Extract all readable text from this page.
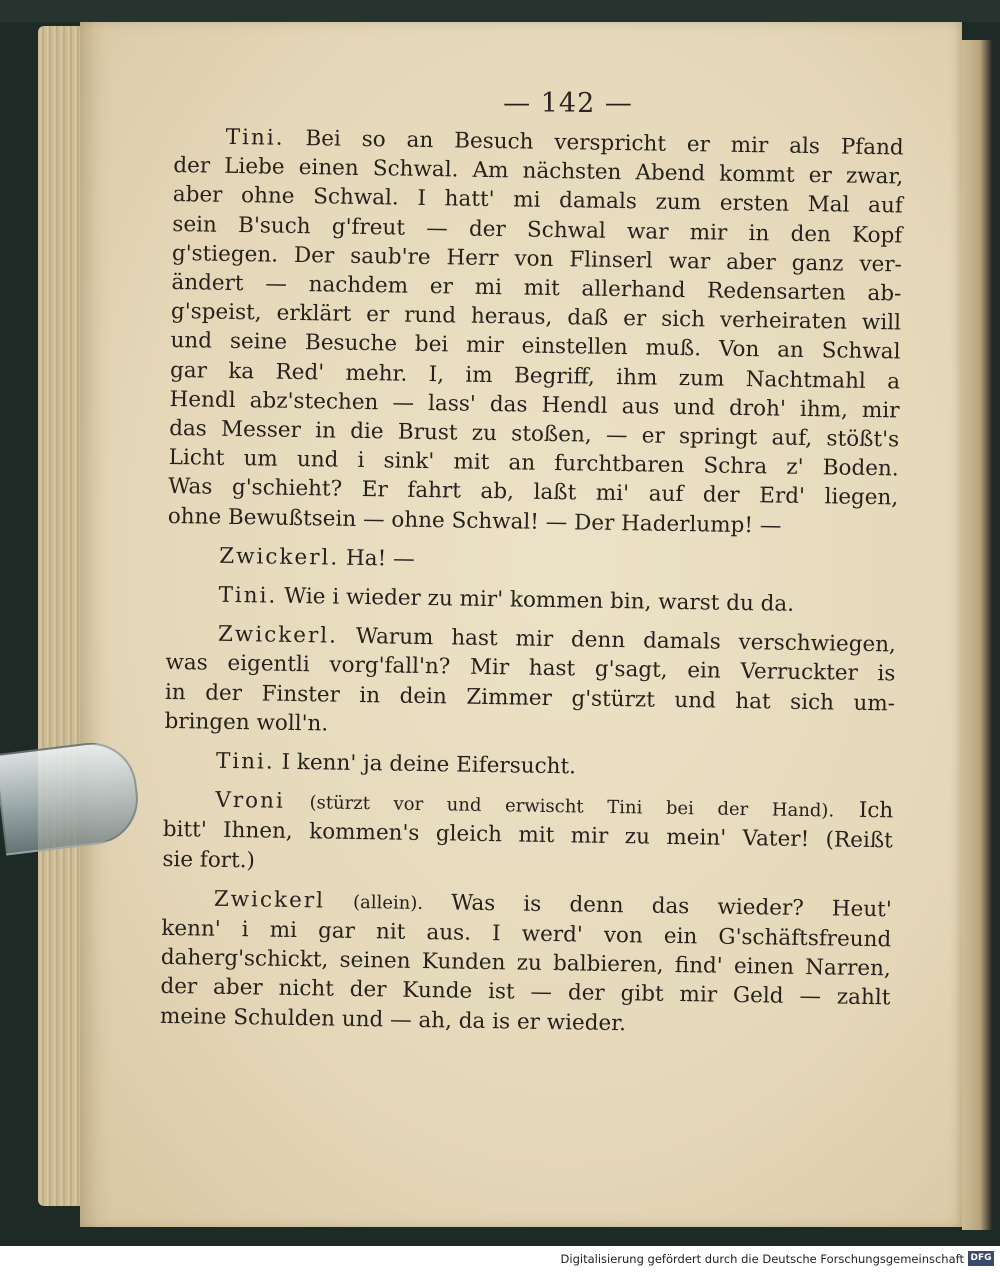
— 142 —
Tini. Bei so an Besuch verspricht er mir als Pfand
der Liebe einen Schwal. Am nächsten Abend kommt er zwar,
aber ohne Schwal. I hatt' mi damals zum ersten Mal auf
sein B'such g'freut — der Schwal war mir in den Kopf
g'stiegen. Der saub're Herr von Flinserl war aber ganz ver-
ändert — nachdem er mi mit allerhand Redensarten ab-
g'speist, erklärt er rund heraus, daß er sich verheiraten will
und seine Besuche bei mir einstellen muß. Von an Schwal
gar ka Red' mehr. I, im Begriff, ihm zum Nachtmahl a
Hendl abz'stechen — lass' das Hendl aus und droh' ihm, mir
das Messer in die Brust zu stoßen, — er springt auf, stößt's
Licht um und i sink' mit an furchtbaren Schra z' Boden.
Was g'schieht? Er fahrt ab, laßt mi' auf der Erd' liegen,
ohne Bewußtsein — ohne Schwal! — Der Haderlump! —
Zwickerl. Ha! —
Tini. Wie i wieder zu mir' kommen bin, warst du da.
Zwickerl. Warum hast mir denn damals verschwiegen,
was eigentli vorg'fall'n? Mir hast g'sagt, ein Verruckter is
in der Finster in dein Zimmer g'stürzt und hat sich um-
bringen woll'n.
Tini. I kenn' ja deine Eifersucht.
Vroni (stürzt vor und erwischt Tini bei der Hand). Ich
bitt' Ihnen, kommen's gleich mit mir zu mein' Vater! (Reißt
sie fort.)
Zwickerl (allein). Was is denn das wieder? Heut'
kenn' i mi gar nit aus. I werd' von ein G'schäftsfreund
daherg'schickt, seinen Kunden zu balbieren, find' einen Narren,
der aber nicht der Kunde ist — der gibt mir Geld — zahlt
meine Schulden und — ah, da is er wieder.
Digitalisierung gefördert durch die Deutsche Forschungsgemeinschaft DFG
